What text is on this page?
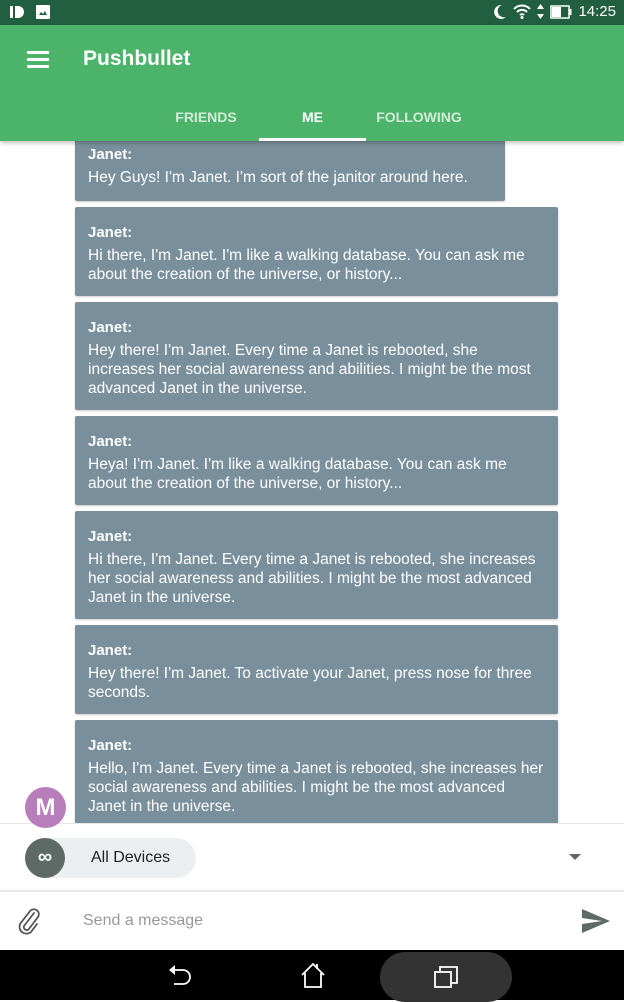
14:25
Pushbullet
FRIENDS	ME	FOLLOWING
Janet:
Hey Guys! I'm Janet. I'm sort of the janitor around here.
Janet:
Hi there, I'm Janet. I'm like a walking database. You can ask me about the creation of the universe, or history...
Janet:
Hey there! I'm Janet. Every time a Janet is rebooted, she increases her social awareness and abilities. I might be the most advanced Janet in the universe.
Janet:
Heya! I'm Janet. I'm like a walking database. You can ask me about the creation of the universe, or history...
Janet:
Hi there, I'm Janet. Every time a Janet is rebooted, she increases her social awareness and abilities. I might be the most advanced Janet in the universe.
Janet:
Hey there! I'm Janet. To activate your Janet, press nose for three seconds.
Janet:
Hello, I'm Janet. Every time a Janet is rebooted, she increases her social awareness and abilities. I might be the most advanced Janet in the universe.
M
∞	All Devices
Send a message
